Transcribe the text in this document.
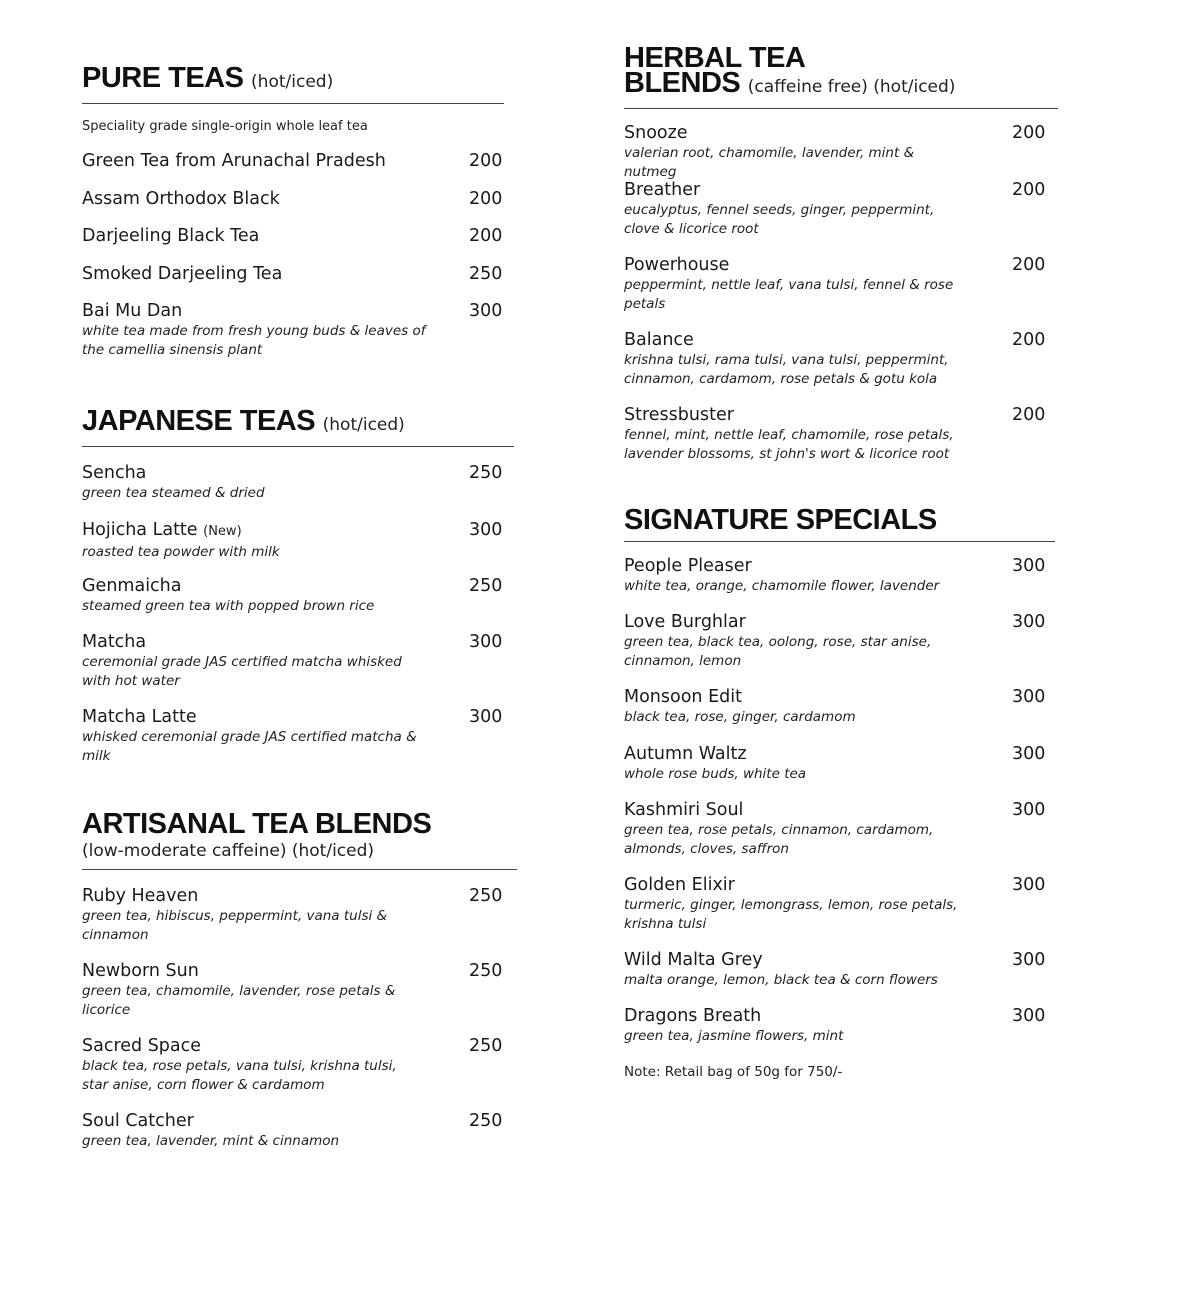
PURE TEAS (hot/iced)
Speciality grade single-origin whole leaf tea
Green Tea from Arunachal Pradesh	200
Assam Orthodox Black	200
Darjeeling Black Tea	200
Smoked Darjeeling Tea	250
Bai Mu Dan	300
white tea made from fresh young buds & leaves of the camellia sinensis plant
JAPANESE TEAS (hot/iced)
Sencha	250
green tea steamed & dried
Hojicha Latte (New)	300
roasted tea powder with milk
Genmaicha	250
steamed green tea with popped brown rice
Matcha	300
ceremonial grade JAS certified matcha whisked with hot water
Matcha Latte	300
whisked ceremonial grade JAS certified matcha & milk
ARTISANAL TEA BLENDS
(low-moderate caffeine) (hot/iced)
Ruby Heaven	250
green tea, hibiscus, peppermint, vana tulsi & cinnamon
Newborn Sun	250
green tea, chamomile, lavender, rose petals & licorice
Sacred Space	250
black tea, rose petals, vana tulsi, krishna tulsi, star anise, corn flower & cardamom
Soul Catcher	250
green tea, lavender, mint & cinnamon
HERBAL TEA
BLENDS (caffeine free) (hot/iced)
Snooze	200
valerian root, chamomile, lavender, mint & nutmeg
Breather	200
eucalyptus, fennel seeds, ginger, peppermint, clove & licorice root
Powerhouse	200
peppermint, nettle leaf, vana tulsi, fennel & rose petals
Balance	200
krishna tulsi, rama tulsi, vana tulsi, peppermint, cinnamon, cardamom, rose petals & gotu kola
Stressbuster	200
fennel, mint, nettle leaf, chamomile, rose petals, lavender blossoms, st john's wort & licorice root
SIGNATURE SPECIALS
People Pleaser	300
white tea, orange, chamomile flower, lavender
Love Burghlar	300
green tea, black tea, oolong, rose, star anise, cinnamon, lemon
Monsoon Edit	300
black tea, rose, ginger, cardamom
Autumn Waltz	300
whole rose buds, white tea
Kashmiri Soul	300
green tea, rose petals, cinnamon, cardamom, almonds, cloves, saffron
Golden Elixir	300
turmeric, ginger, lemongrass, lemon, rose petals, krishna tulsi
Wild Malta Grey	300
malta orange, lemon, black tea & corn flowers
Dragons Breath	300
green tea, jasmine flowers, mint
Note: Retail bag of 50g for 750/-
